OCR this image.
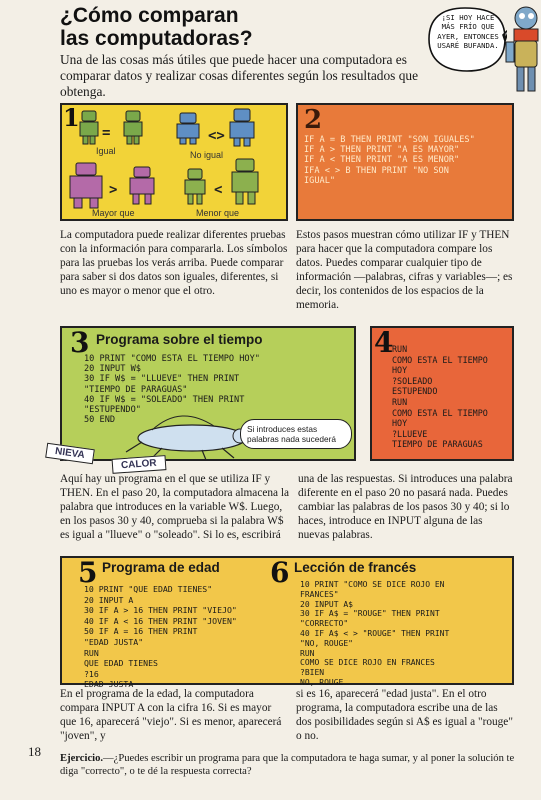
¿Cómo comparan
las computadoras?
Una de las cosas más útiles que puede hacer una computadora es comparar datos y realizar cosas diferentes según los resultados que obtenga.
¡SI HOY HACE MÁS FRÍO QUE AYER, ENTONCES USARÉ BUFANDA.
1
=	<>
>	<
Igual	No igual
Mayor que	Menor que
2
IF A = B THEN PRINT "SON IGUALES"
IF A > THEN PRINT "A ES MAYOR"
IF A < THEN PRINT "A ES MENOR"
IFA < > B THEN PRINT "NO SON
IGUAL"
La computadora puede realizar diferentes pruebas con la información para compararla. Los símbolos para las pruebas los verás arriba. Puede comparar para saber si dos datos son iguales, diferentes, si uno es mayor o menor que el otro.
Estos pasos muestran cómo utilizar IF y THEN para hacer que la computadora compare los datos. Puedes comparar cualquier tipo de información —palabras, cifras y variables—; es decir, los contenidos de los espacios de la memoria.
3 Programa sobre el tiempo
10 PRINT "COMO ESTA EL TIEMPO HOY"
20 INPUT W$
30 IF W$ = "LLUEVE" THEN PRINT
"TIEMPO DE PARAGUAS"
40 IF W$ = "SOLEADO" THEN PRINT
"ESTUPENDO"
50 END
Si introduces estas palabras nada sucederá
NIEVA
CALOR
4
RUN
COMO ESTA EL TIEMPO
HOY
?SOLEADO
ESTUPENDO
RUN
COMO ESTA EL TIEMPO
HOY
?LLUEVE
TIEMPO DE PARAGUAS
Aquí hay un programa en el que se utiliza IF y THEN. En el paso 20, la computadora almacena la palabra que introduces en la variable W$. Luego, en los pasos 30 y 40, comprueba si la palabra W$ es igual a "llueve" o "soleado". Si lo es, escribirá
una de las respuestas. Si introduces una palabra diferente en el paso 20 no pasará nada. Puedes cambiar las palabras de los pasos 30 y 40; si lo haces, introduce en INPUT alguna de las nuevas palabras.
5 Programa de edad
10 PRINT "QUE EDAD TIENES"
20 INPUT A
30 IF A > 16 THEN PRINT "VIEJO"
40 IF A < 16 THEN PRINT "JOVEN"
50 IF A = 16 THEN PRINT
"EDAD JUSTA"
RUN
QUE EDAD TIENES
?16
EDAD JUSTA
6 Lección de francés
10 PRINT "COMO SE DICE ROJO EN
FRANCES"
20 INPUT A$
30 IF A$ = "ROUGE" THEN PRINT
"CORRECTO"
40 IF A$ < > "ROUGE" THEN PRINT
"NO, ROUGE"
RUN
COMO SE DICE ROJO EN FRANCES
?BIEN
NO, ROUGE
En el programa de la edad, la computadora compara INPUT A con la cifra 16. Si es mayor que 16, aparecerá "viejo". Si es menor, aparecerá "joven", y
si es 16, aparecerá "edad justa". En el otro programa, la computadora escribe una de las dos posibilidades según si A$ es igual a "rouge" o no.
18 Ejercicio.—¿Puedes escribir un programa para que la computadora te haga sumar, y al poner la solución te diga "correcto", o te dé la respuesta correcta?
